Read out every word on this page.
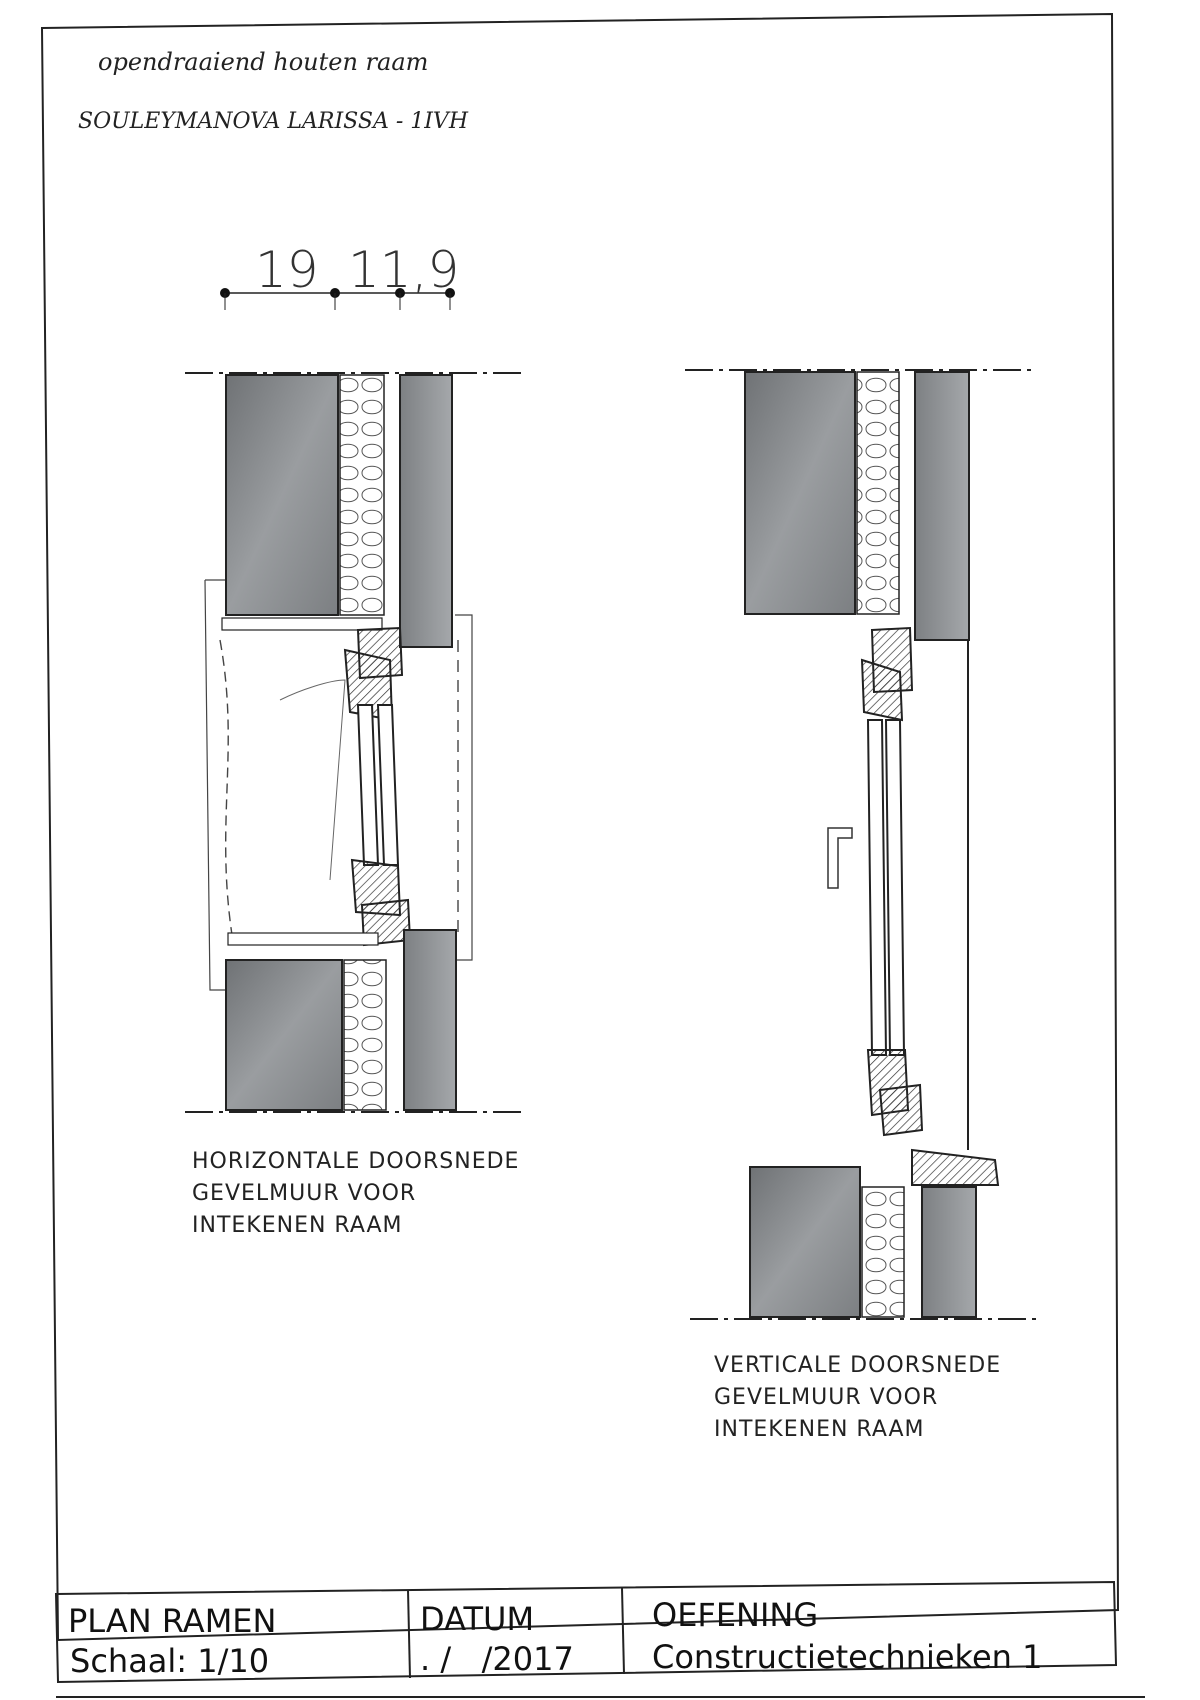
opendraaiend houten raam
SOULEYMANOVA LARISSA - 1IVH
19 11,9
HORIZONTALE DOORSNEDE
GEVELMUUR VOOR
INTEKENEN RAAM
VERTICALE DOORSNEDE
GEVELMUUR VOOR
INTEKENEN RAAM
PLAN RAMEN
Schaal: 1/10
DATUM
. /   /2017
OEFENING
Constructietechnieken 1
